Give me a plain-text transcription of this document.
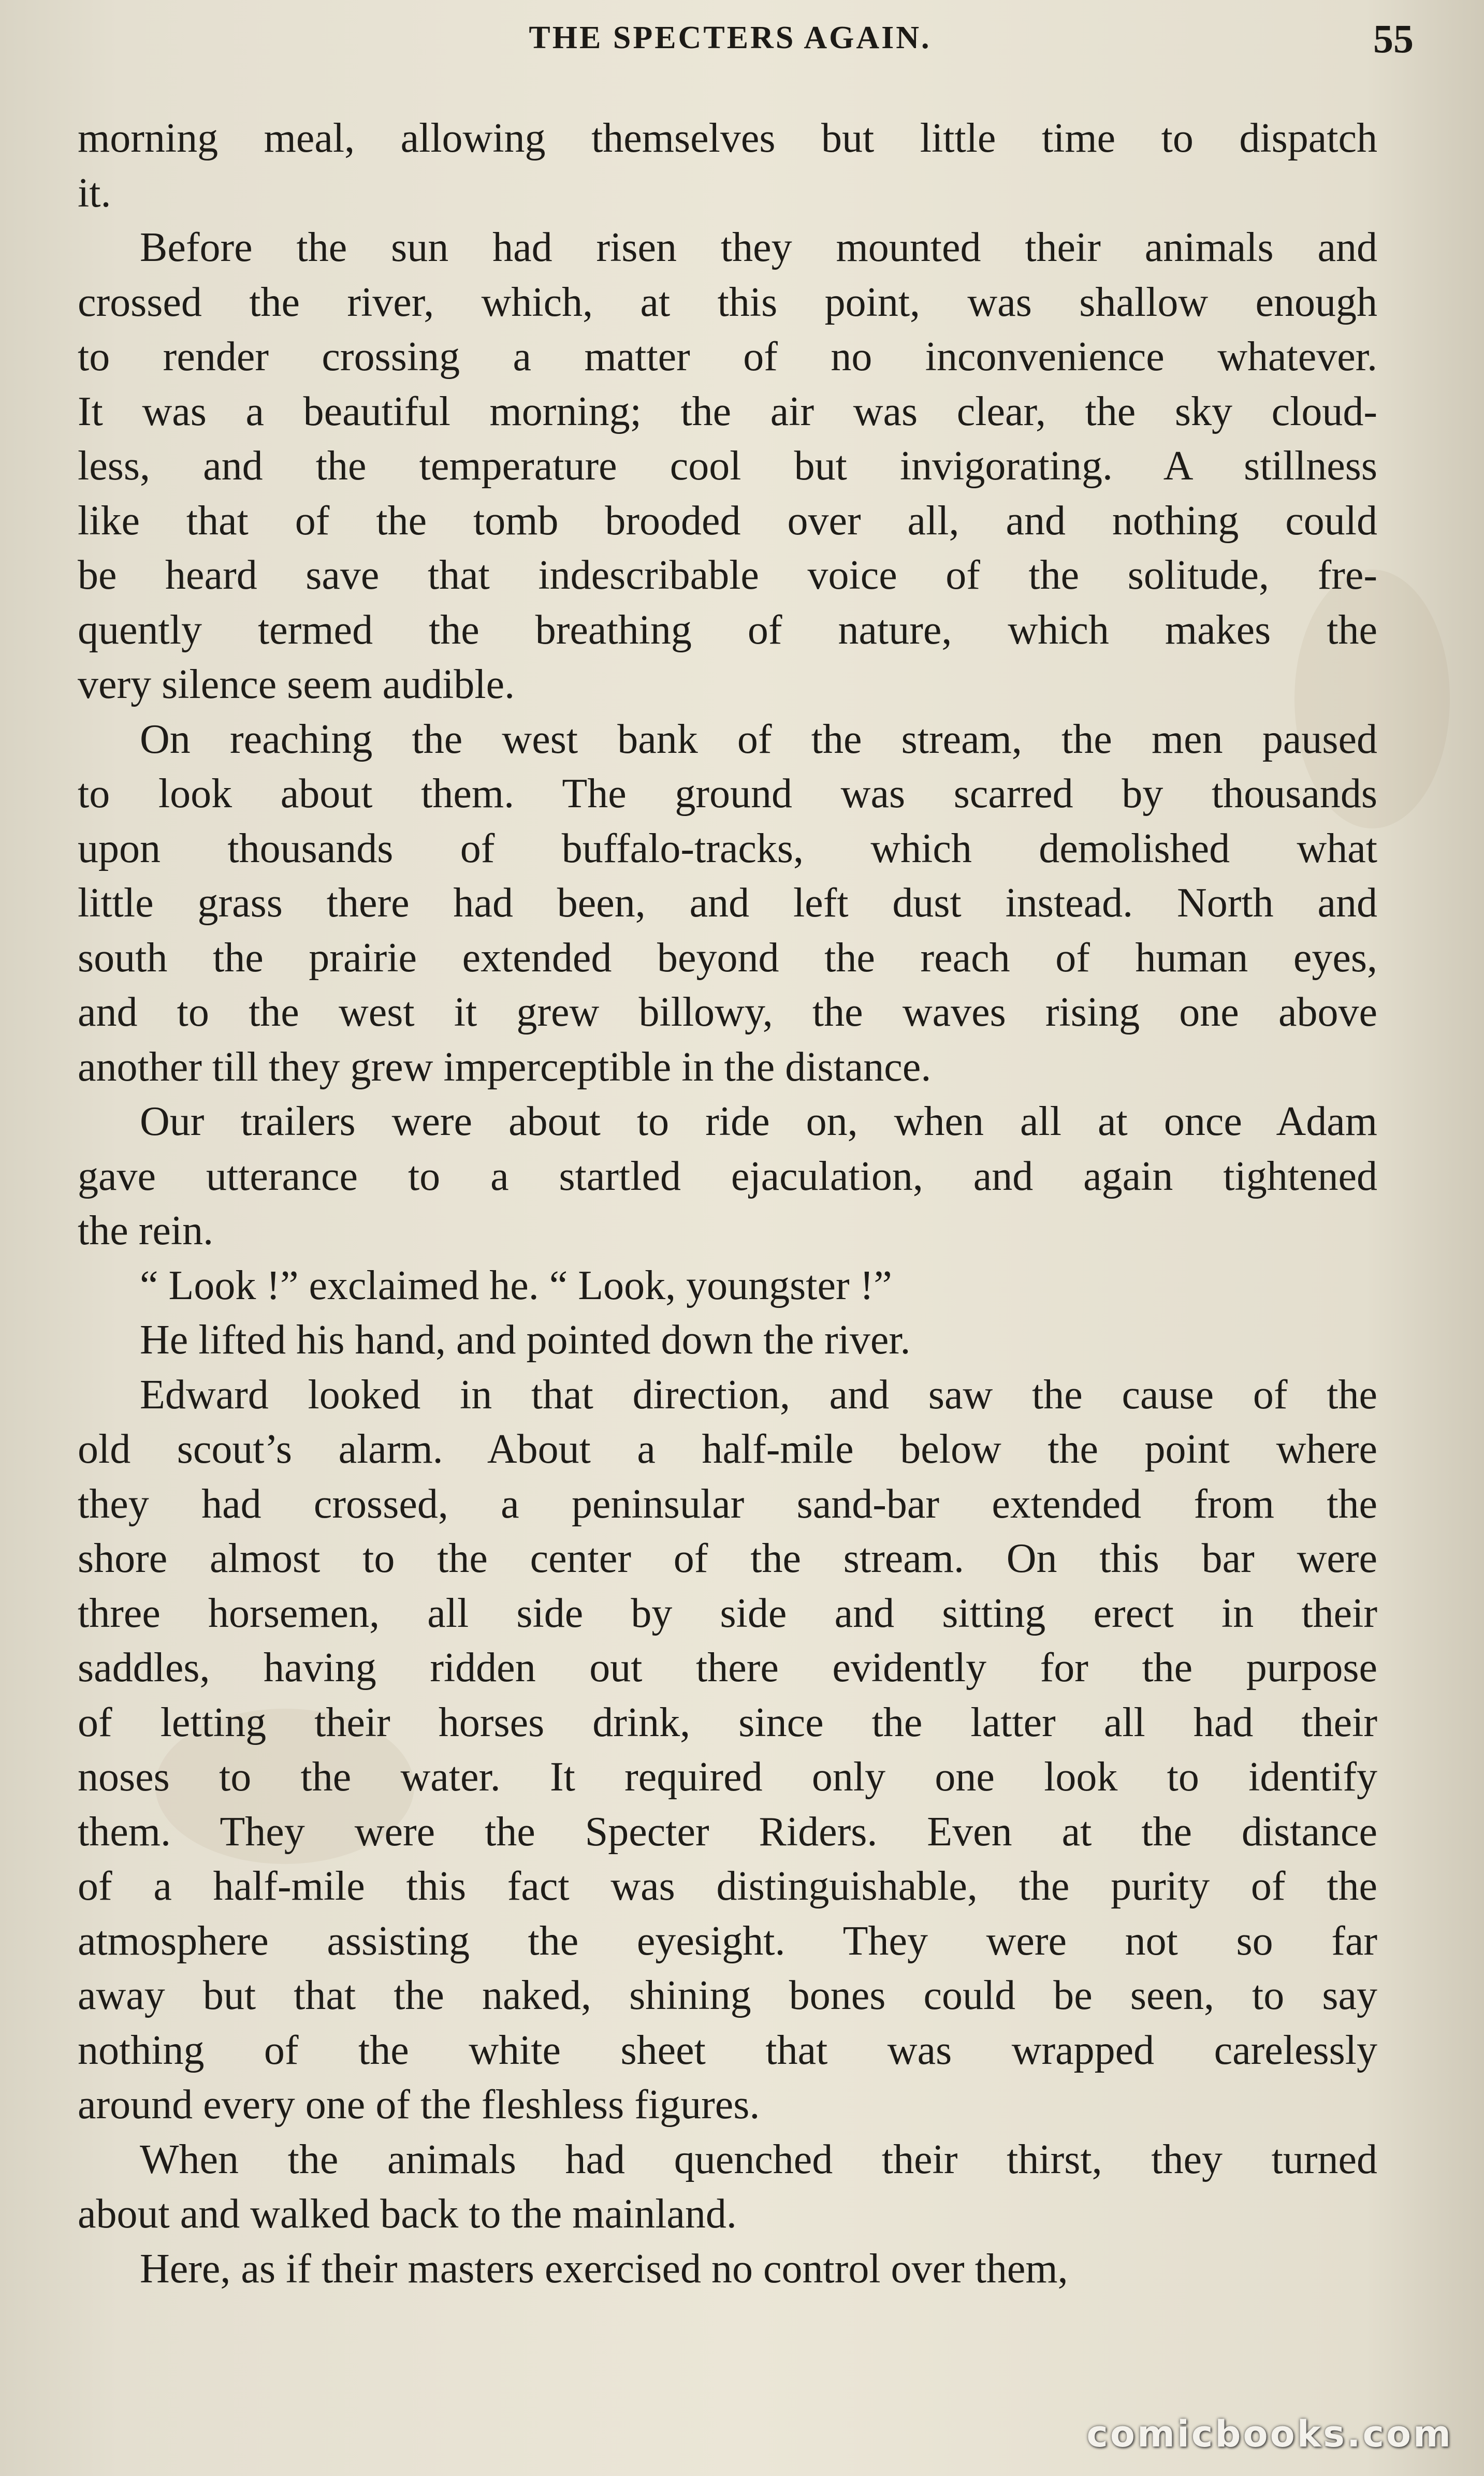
THE SPECTERS AGAIN.	55

morning meal, allowing themselves but little time to dispatch
it.

Before the sun had risen they mounted their animals and
crossed the river, which, at this point, was shallow enough
to render crossing a matter of no inconvenience whatever.
It was a beautiful morning; the air was clear, the sky cloud-
less, and the temperature cool but invigorating. A stillness
like that of the tomb brooded over all, and nothing could
be heard save that indescribable voice of the solitude, fre-
quently termed the breathing of nature, which makes the
very silence seem audible.

On reaching the west bank of the stream, the men paused
to look about them. The ground was scarred by thousands
upon thousands of buffalo-tracks, which demolished what
little grass there had been, and left dust instead. North and
south the prairie extended beyond the reach of human eyes,
and to the west it grew billowy, the waves rising one above
another till they grew imperceptible in the distance.

Our trailers were about to ride on, when all at once Adam
gave utterance to a startled ejaculation, and again tightened
the rein.

“ Look !” exclaimed he. “ Look, youngster !”

He lifted his hand, and pointed down the river.

Edward looked in that direction, and saw the cause of the
old scout’s alarm. About a half-mile below the point where
they had crossed, a peninsular sand-bar extended from the
shore almost to the center of the stream. On this bar were
three horsemen, all side by side and sitting erect in their
saddles, having ridden out there evidently for the purpose
of letting their horses drink, since the latter all had their
noses to the water. It required only one look to identify
them. They were the Specter Riders. Even at the distance
of a half-mile this fact was distinguishable, the purity of the
atmosphere assisting the eyesight. They were not so far
away but that the naked, shining bones could be seen, to say
nothing of the white sheet that was wrapped carelessly
around every one of the fleshless figures.

When the animals had quenched their thirst, they turned
about and walked back to the mainland.

Here, as if their masters exercised no control over them,

comicbooks.com
